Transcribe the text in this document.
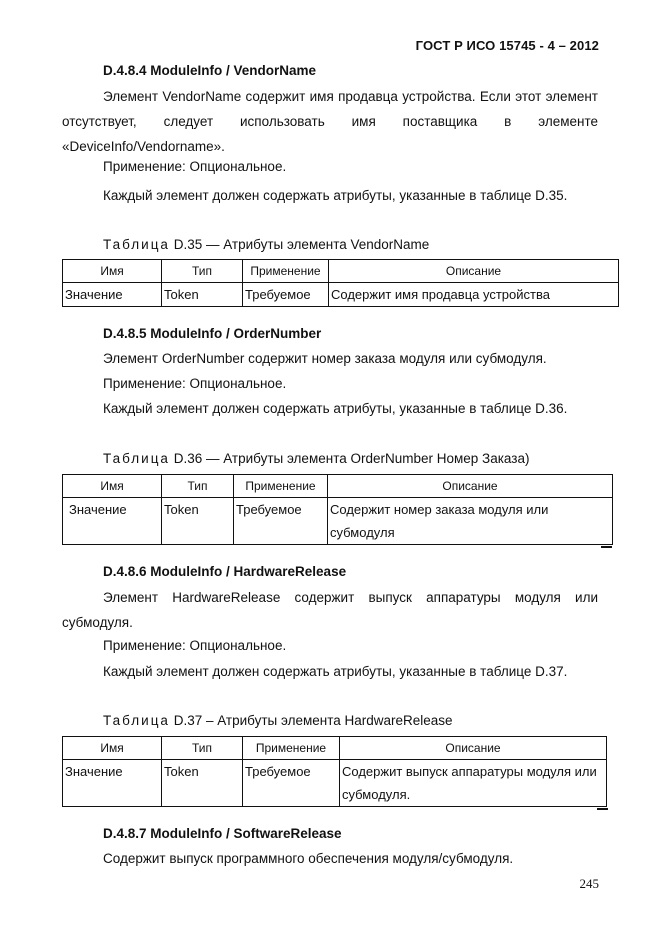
ГОСТ Р ИСО 15745 - 4 – 2012
D.4.8.4 ModuleInfo / VendorName
Элемент VendorName содержит имя продавца устройства. Если этот элемент отсутствует, следует использовать имя поставщика в элементе «DeviceInfo/Vendorname».
Применение: Опциональное.
Каждый элемент должен содержать атрибуты, указанные в таблице D.35.
Таблица D.35 — Атрибуты элемента VendorName
Имя	Тип	Применение	Описание
Значение	Token	Требуемое	Содержит имя продавца устройства
D.4.8.5 ModuleInfo / OrderNumber
Элемент OrderNumber содержит номер заказа модуля или субмодуля.
Применение: Опциональное.
Каждый элемент должен содержать атрибуты, указанные в таблице D.36.
Таблица D.36 — Атрибуты элемента OrderNumber Номер Заказа)
Имя	Тип	Применение	Описание
Значение	Token	Требуемое	Содержит номер заказа модуля или субмодуля
D.4.8.6 ModuleInfo / HardwareRelease
Элемент HardwareRelease содержит выпуск аппаратуры модуля или субмодуля.
Применение: Опциональное.
Каждый элемент должен содержать атрибуты, указанные в таблице D.37.
Таблица D.37 – Атрибуты элемента HardwareRelease
Имя	Тип	Применение	Описание
Значение	Token	Требуемое	Содержит выпуск аппаратуры модуля или субмодуля.
D.4.8.7 ModuleInfo / SoftwareRelease
Содержит выпуск программного обеспечения модуля/субмодуля.
245
